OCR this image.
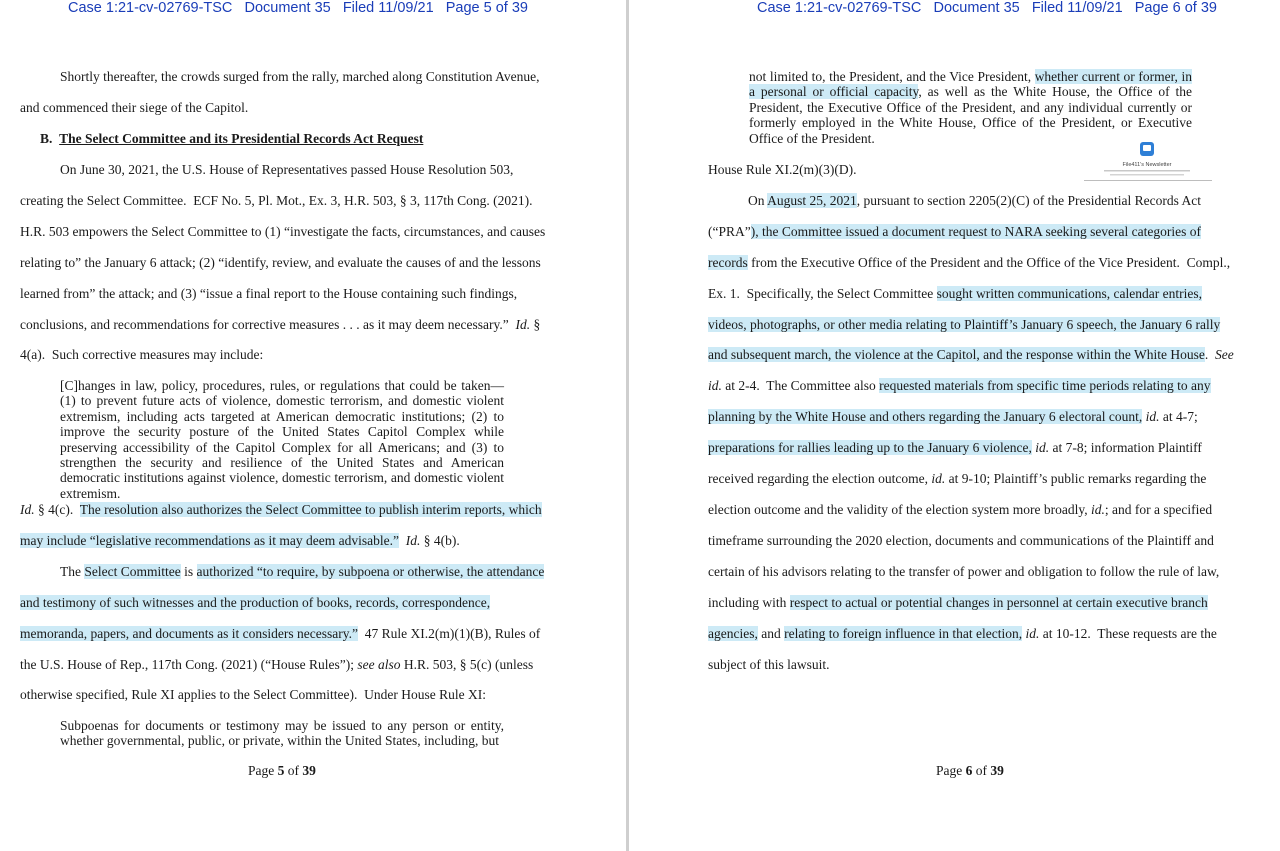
Case 1:21-cv-02769-TSC   Document 35   Filed 11/09/21   Page 5 of 39
Shortly thereafter, the crowds surged from the rally, marched along Constitution Avenue,
and commenced their siege of the Capitol.
B. The Select Committee and its Presidential Records Act Request
On June 30, 2021, the U.S. House of Representatives passed House Resolution 503,
creating the Select Committee.  ECF No. 5, Pl. Mot., Ex. 3, H.R. 503, § 3, 117th Cong. (2021).
H.R. 503 empowers the Select Committee to (1) “investigate the facts, circumstances, and causes
relating to” the January 6 attack; (2) “identify, review, and evaluate the causes of and the lessons
learned from” the attack; and (3) “issue a final report to the House containing such findings,
conclusions, and recommendations for corrective measures . . . as it may deem necessary.”  Id. §
4(a).  Such corrective measures may include:
[C]hanges in law, policy, procedures, rules, or regulations that could be taken—(1) to prevent future acts of violence, domestic terrorism, and domestic violent extremism, including acts targeted at American democratic institutions; (2) to improve the security posture of the United States Capitol Complex while preserving accessibility of the Capitol Complex for all Americans; and (3) to strengthen the security and resilience of the United States and American democratic institutions against violence, domestic terrorism, and domestic violent extremism.
Id. § 4(c).  The resolution also authorizes the Select Committee to publish interim reports, which
may include “legislative recommendations as it may deem advisable.” Id. § 4(b).
The Select Committee is authorized “to require, by subpoena or otherwise, the attendance
and testimony of such witnesses and the production of books, records, correspondence,
memoranda, papers, and documents as it considers necessary.”  47 Rule XI.2(m)(1)(B), Rules of
the U.S. House of Rep., 117th Cong. (2021) (“House Rules”); see also H.R. 503, § 5(c) (unless
otherwise specified, Rule XI applies to the Select Committee).  Under House Rule XI:
Subpoenas for documents or testimony may be issued to any person or entity, whether governmental, public, or private, within the United States, including, but
Page 5 of 39
Case 1:21-cv-02769-TSC   Document 35   Filed 11/09/21   Page 6 of 39
not limited to, the President, and the Vice President, whether current or former, in a personal or official capacity, as well as the White House, the Office of the President, the Executive Office of the President, and any individual currently or formerly employed in the White House, Office of the President, or Executive Office of the President.
File411's Newsletter
House Rule XI.2(m)(3)(D).
On August 25, 2021, pursuant to section 2205(2)(C) of the Presidential Records Act
(“PRA”), the Committee issued a document request to NARA seeking several categories of
records from the Executive Office of the President and the Office of the Vice President.  Compl.,
Ex. 1.  Specifically, the Select Committee sought written communications, calendar entries,
videos, photographs, or other media relating to Plaintiff’s January 6 speech, the January 6 rally
and subsequent march, the violence at the Capitol, and the response within the White House.  See
id. at 2-4.  The Committee also requested materials from specific time periods relating to any
planning by the White House and others regarding the January 6 electoral count, id. at 4-7;
preparations for rallies leading up to the January 6 violence, id. at 7-8; information Plaintiff
received regarding the election outcome, id. at 9-10; Plaintiff’s public remarks regarding the
election outcome and the validity of the election system more broadly, id.; and for a specified
timeframe surrounding the 2020 election, documents and communications of the Plaintiff and
certain of his advisors relating to the transfer of power and obligation to follow the rule of law,
including with respect to actual or potential changes in personnel at certain executive branch
agencies, and relating to foreign influence in that election, id. at 10-12.  These requests are the
subject of this lawsuit.
Page 6 of 39
